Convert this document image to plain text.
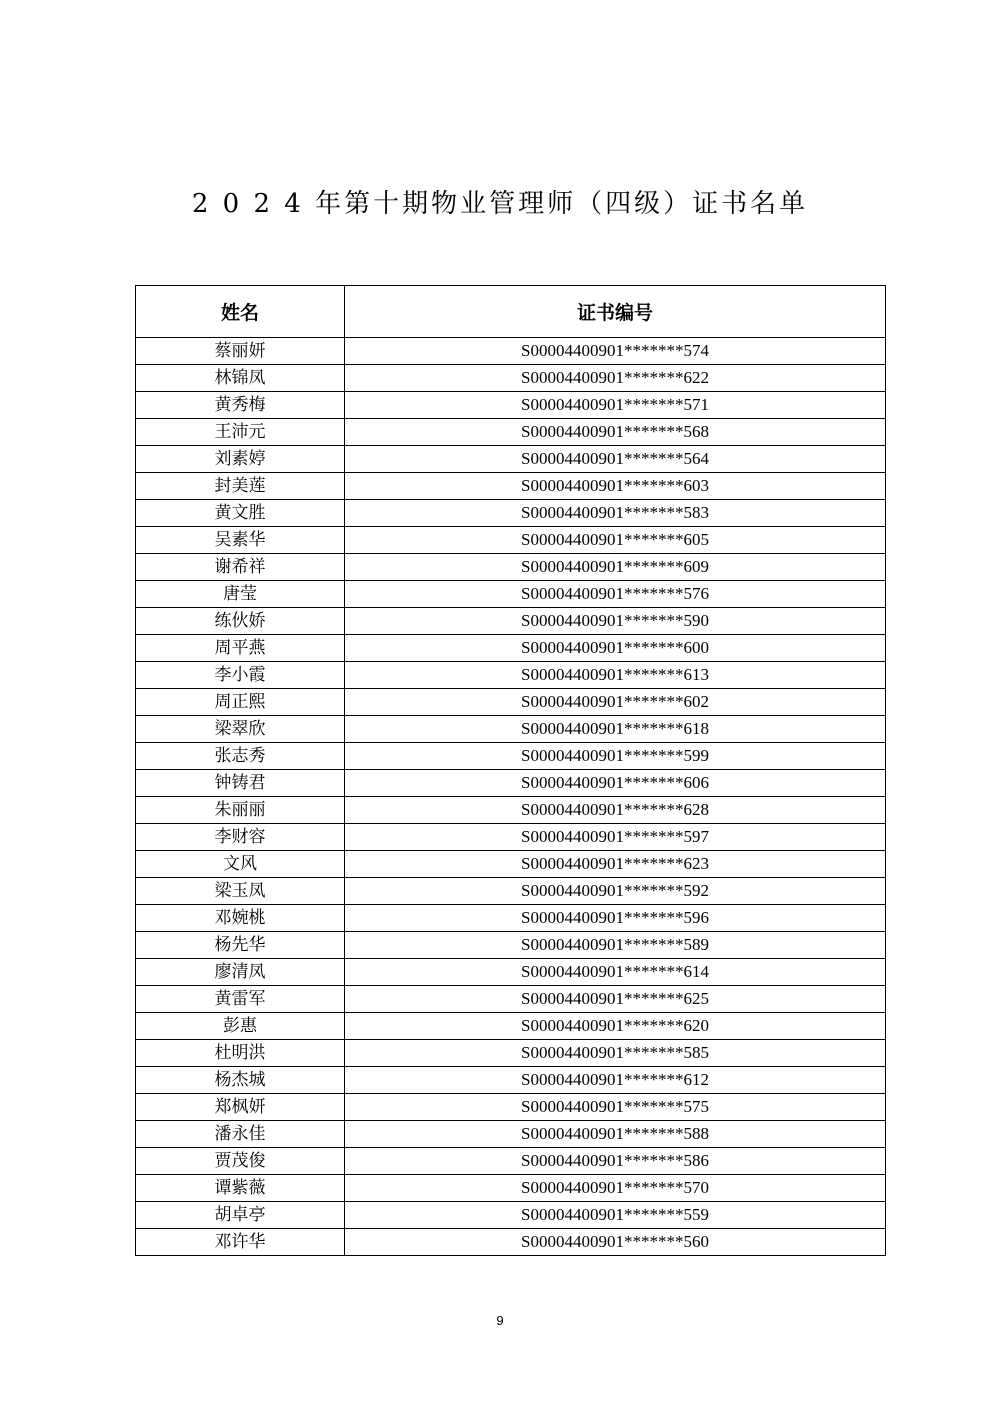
2 0 2 4 年第十期物业管理师（四级）证书名单
姓名	证书编号
蔡丽妍	S00004400901*******574
林锦凤	S00004400901*******622
黄秀梅	S00004400901*******571
王沛元	S00004400901*******568
刘素婷	S00004400901*******564
封美莲	S00004400901*******603
黄文胜	S00004400901*******583
吴素华	S00004400901*******605
谢希祥	S00004400901*******609
唐莹	S00004400901*******576
练伙娇	S00004400901*******590
周平燕	S00004400901*******600
李小霞	S00004400901*******613
周正熙	S00004400901*******602
梁翠欣	S00004400901*******618
张志秀	S00004400901*******599
钟铸君	S00004400901*******606
朱丽丽	S00004400901*******628
李财容	S00004400901*******597
文风	S00004400901*******623
梁玉凤	S00004400901*******592
邓婉桃	S00004400901*******596
杨先华	S00004400901*******589
廖清凤	S00004400901*******614
黄雷军	S00004400901*******625
彭惠	S00004400901*******620
杜明洪	S00004400901*******585
杨杰城	S00004400901*******612
郑枫妍	S00004400901*******575
潘永佳	S00004400901*******588
贾茂俊	S00004400901*******586
谭紫薇	S00004400901*******570
胡卓亭	S00004400901*******559
邓许华	S00004400901*******560
9
